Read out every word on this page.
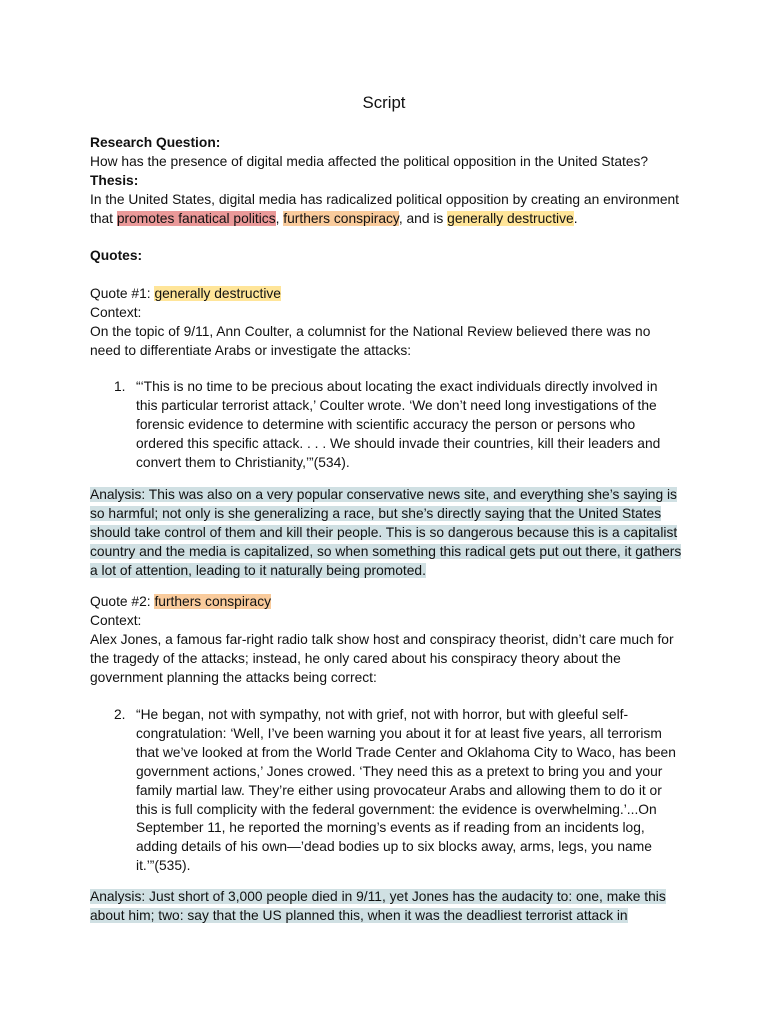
Script

Research Question:

How has the presence of digital media affected the political opposition in the United States?

Thesis:

In the United States, digital media has radicalized political opposition by creating an environment that promotes fanatical politics, furthers conspiracy, and is generally destructive.

Quotes:

Quote #1: generally destructive

Context:

On the topic of 9/11, Ann Coulter, a columnist for the National Review believed there was no need to differentiate Arabs or investigate the attacks:

1. “‘This is no time to be precious about locating the exact individuals directly involved in this particular terrorist attack,’ Coulter wrote. ‘We don’t need long investigations of the forensic evidence to determine with scientific accuracy the person or persons who ordered this specific attack. . . . We should invade their countries, kill their leaders and convert them to Christianity,’”(534).
Analysis: This was also on a very popular conservative news site, and everything she’s saying is so harmful; not only is she generalizing a race, but she’s directly saying that the United States should take control of them and kill their people. This is so dangerous because this is a capitalist country and the media is capitalized, so when something this radical gets put out there, it gathers a lot of attention, leading to it naturally being promoted.

Quote #2: furthers conspiracy

Context:

Alex Jones, a famous far-right radio talk show host and conspiracy theorist, didn’t care much for the tragedy of the attacks; instead, he only cared about his conspiracy theory about the government planning the attacks being correct:

2. “He began, not with sympathy, not with grief, not with horror, but with gleeful self-congratulation: ‘Well, I’ve been warning you about it for at least five years, all terrorism that we’ve looked at from the World Trade Center and Oklahoma City to Waco, has been government actions,’ Jones crowed. ‘They need this as a pretext to bring you and your family martial law. They’re either using provocateur Arabs and allowing them to do it or this is full complicity with the federal government: the evidence is overwhelming.’...On September 11, he reported the morning’s events as if reading from an incidents log, adding details of his own—’dead bodies up to six blocks away, arms, legs, you name it.’”(535).
Analysis: Just short of 3,000 people died in 9/11, yet Jones has the audacity to: one, make this about him; two: say that the US planned this, when it was the deadliest terrorist attack in
